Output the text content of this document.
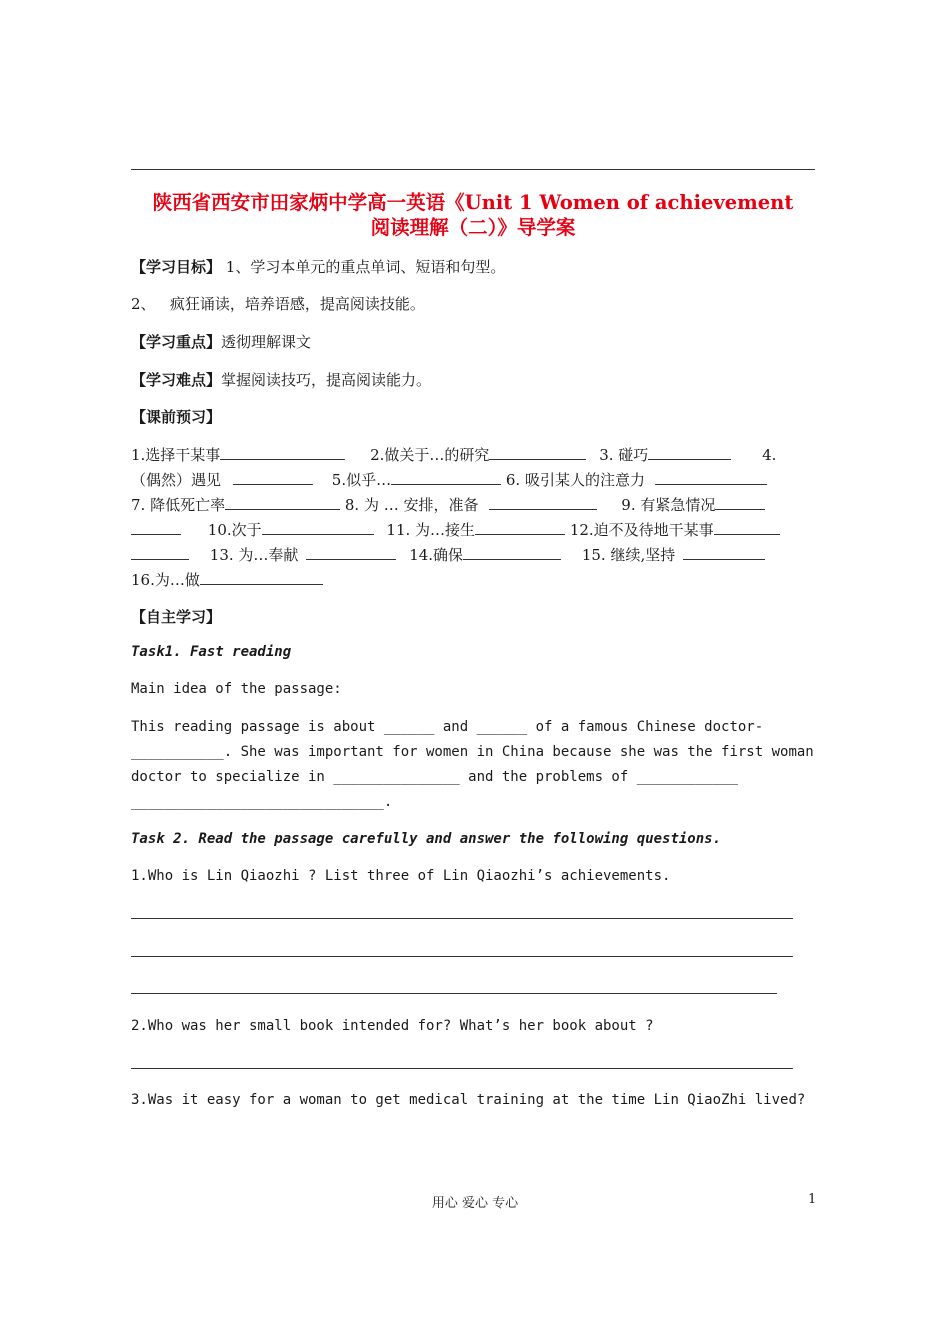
陕西省西安市田家炳中学高一英语《Unit 1 Women of achievement
阅读理解（二）》导学案
【学习目标】 1、学习本单元的重点单词、短语和句型。
2、   疯狂诵读，培养语感，提高阅读技能。
【学习重点】透彻理解课文
【学习难点】掌握阅读技巧，提高阅读能力。
【课前预习】
1.选择干某事	2.做关于…的研究	3. 碰巧	4.
（偶然）遇见	5.似乎…	6. 吸引某人的注意力
7. 降低死亡率	8. 为 … 安排，准备	9. 有紧急情况
10.次于	11. 为…接生	12.迫不及待地干某事
13. 为…奉献	14.确保	15. 继续,坚持
16.为…做
【自主学习】
Task1. Fast reading
Main idea of the passage:
This reading passage is about ______ and ______ of a famous Chinese doctor-
___________. She was important for women in China because she was the first woman
doctor to specialize in _______________ and the problems of ____________
______________________________.
Task 2. Read the passage carefully and answer the following questions.
1.Who is Lin Qiaozhi ? List three of Lin Qiaozhi’s achievements.
2.Who was her small book intended for? What’s her book about ?
3.Was it easy for a woman to get medical training at the time Lin QiaoZhi lived?
用心 爱心 专心	1
